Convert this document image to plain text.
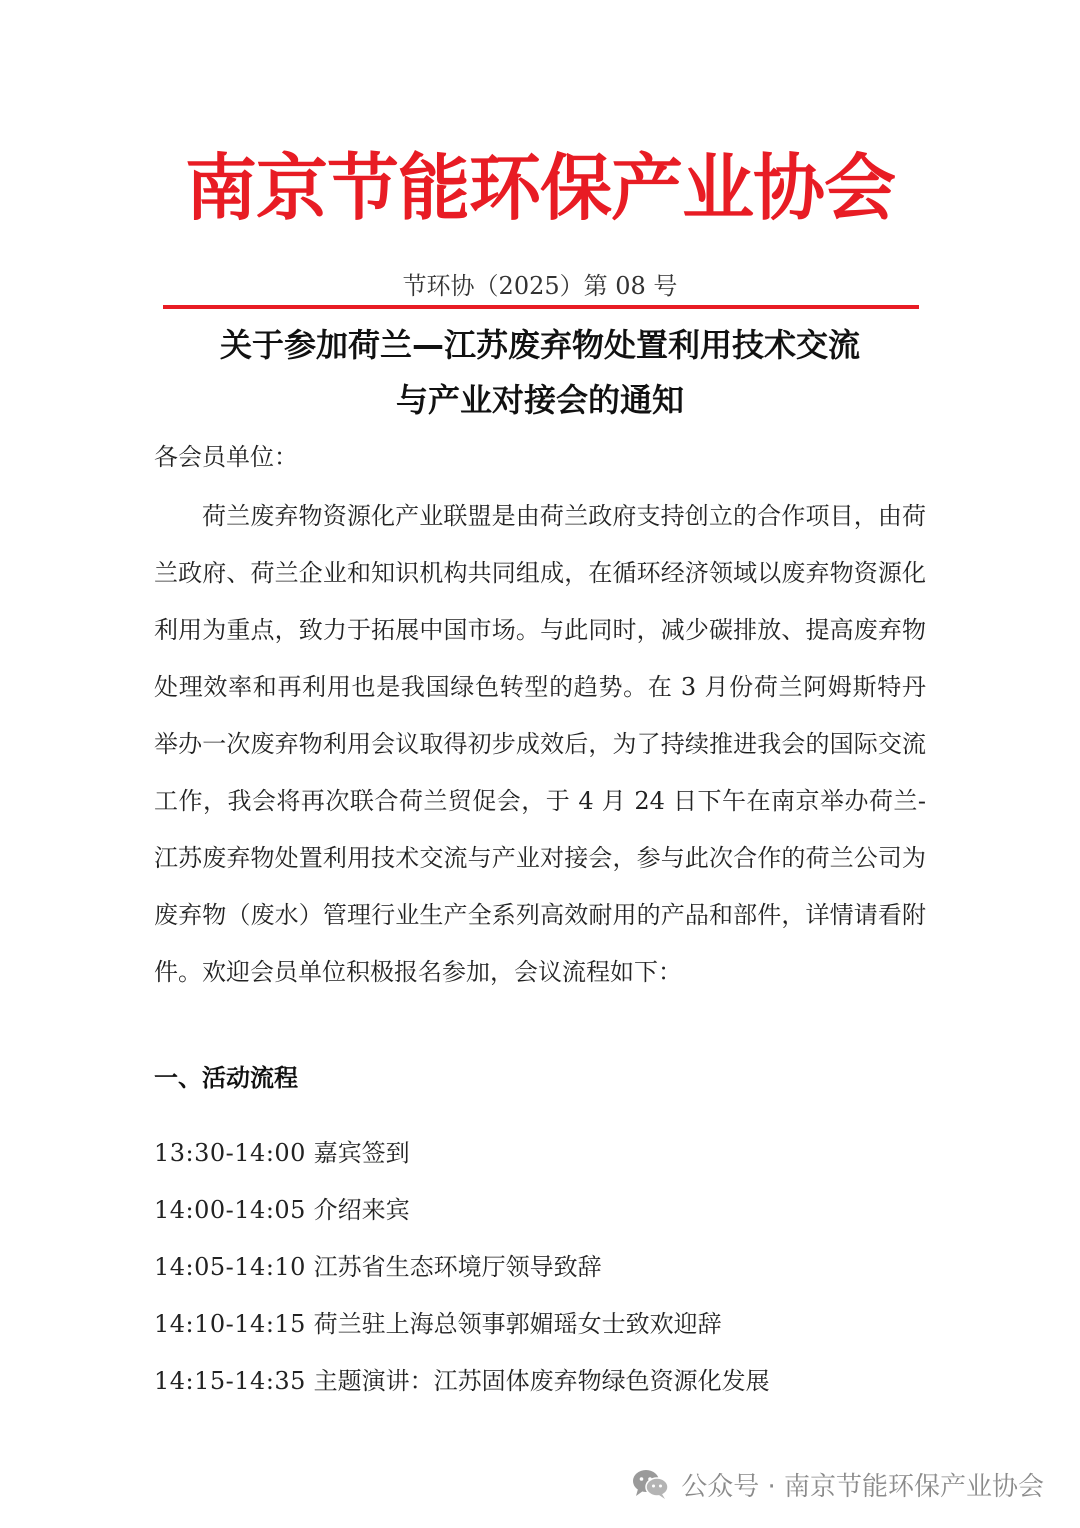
南京节能环保产业协会
节环协（2025）第 08 号
关于参加荷兰—江苏废弃物处置利用技术交流
与产业对接会的通知
各会员单位：

荷兰废弃物资源化产业联盟是由荷兰政府支持创立的合作项目，由荷兰政府、荷兰企业和知识机构共同组成，在循环经济领域以废弃物资源化利用为重点，致力于拓展中国市场。与此同时，减少碳排放、提高废弃物处理效率和再利用也是我国绿色转型的趋势。在 3 月份荷兰阿姆斯特丹举办一次废弃物利用会议取得初步成效后，为了持续推进我会的国际交流工作，我会将再次联合荷兰贸促会，于 4 月 24 日下午在南京举办荷兰-江苏废弃物处置利用技术交流与产业对接会，参与此次合作的荷兰公司为废弃物（废水）管理行业生产全系列高效耐用的产品和部件，详情请看附件。欢迎会员单位积极报名参加，会议流程如下：

一、活动流程
13:30-14:00 嘉宾签到
14:00-14:05 介绍来宾
14:05-14:10 江苏省生态环境厅领导致辞
14:10-14:15 荷兰驻上海总领事郭媚瑶女士致欢迎辞
14:15-14:35 主题演讲：江苏固体废弃物绿色资源化发展
公众号 · 南京节能环保产业协会
